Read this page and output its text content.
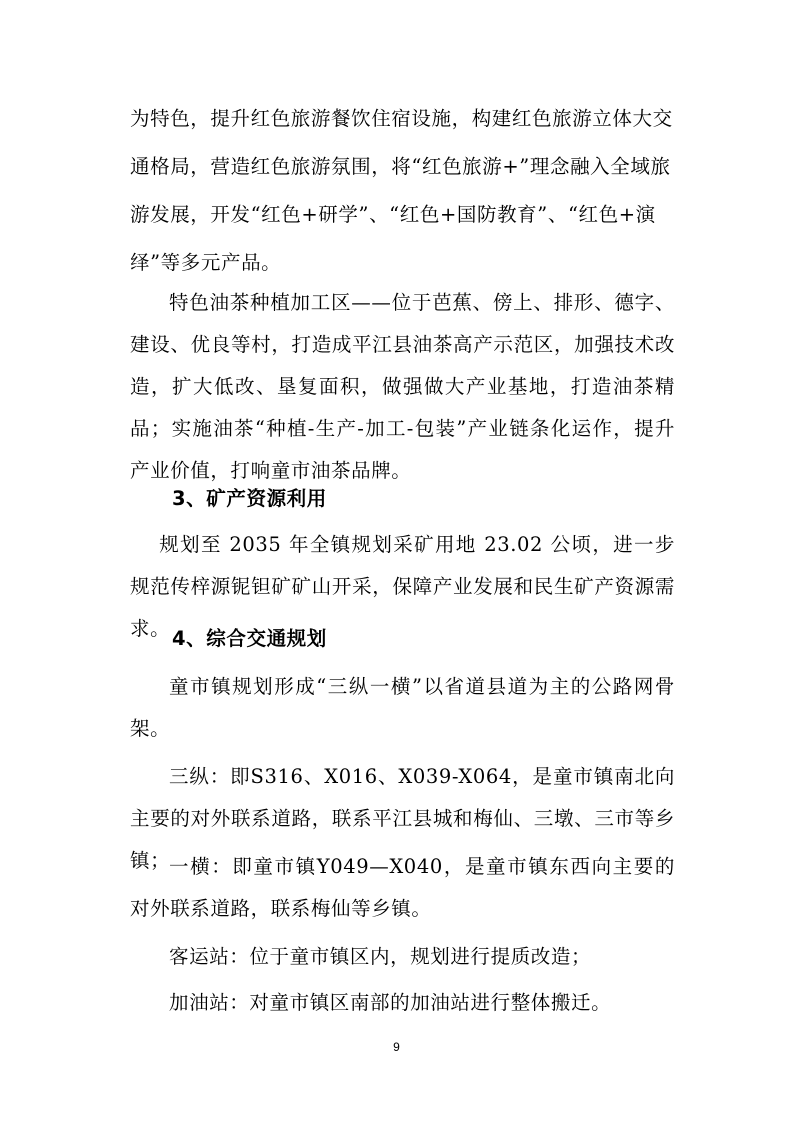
为特色，提升红色旅游餐饮住宿设施，构建红色旅游立体大交

通格局，营造红色旅游氛围，将“红色旅游+”理念融入全域旅

游发展，开发“红色+研学”、“红色+国防教育”、“红色+演

绎”等多元产品。

特色油茶种植加工区——位于芭蕉、傍上、排形、德字、建设、优良等村，打造成平江县油茶高产示范区，加强技术改造，扩大低改、垦复面积，做强做大产业基地，打造油茶精品；实施油茶“种植-生产-加工-包装”产业链条化运作，提升产业价值，打响童市油茶品牌。

3、矿产资源利用

规划至 2035 年全镇规划采矿用地 23.02 公顷，进一步规范传梓源铌钽矿矿山开采，保障产业发展和民生矿产资源需求。 4、综合交通规划

童市镇规划形成“三纵一横”以省道县道为主的公路网骨架。

三纵：即S316、X016、X039-X064，是童市镇南北向主要的对外联系道路，联系平江县城和梅仙、三墩、三市等乡镇；

一横：即童市镇Y049—X040，是童市镇东西向主要的对外联系道路，联系梅仙等乡镇。

客运站：位于童市镇区内，规划进行提质改造；

加油站：对童市镇区南部的加油站进行整体搬迁。

9
